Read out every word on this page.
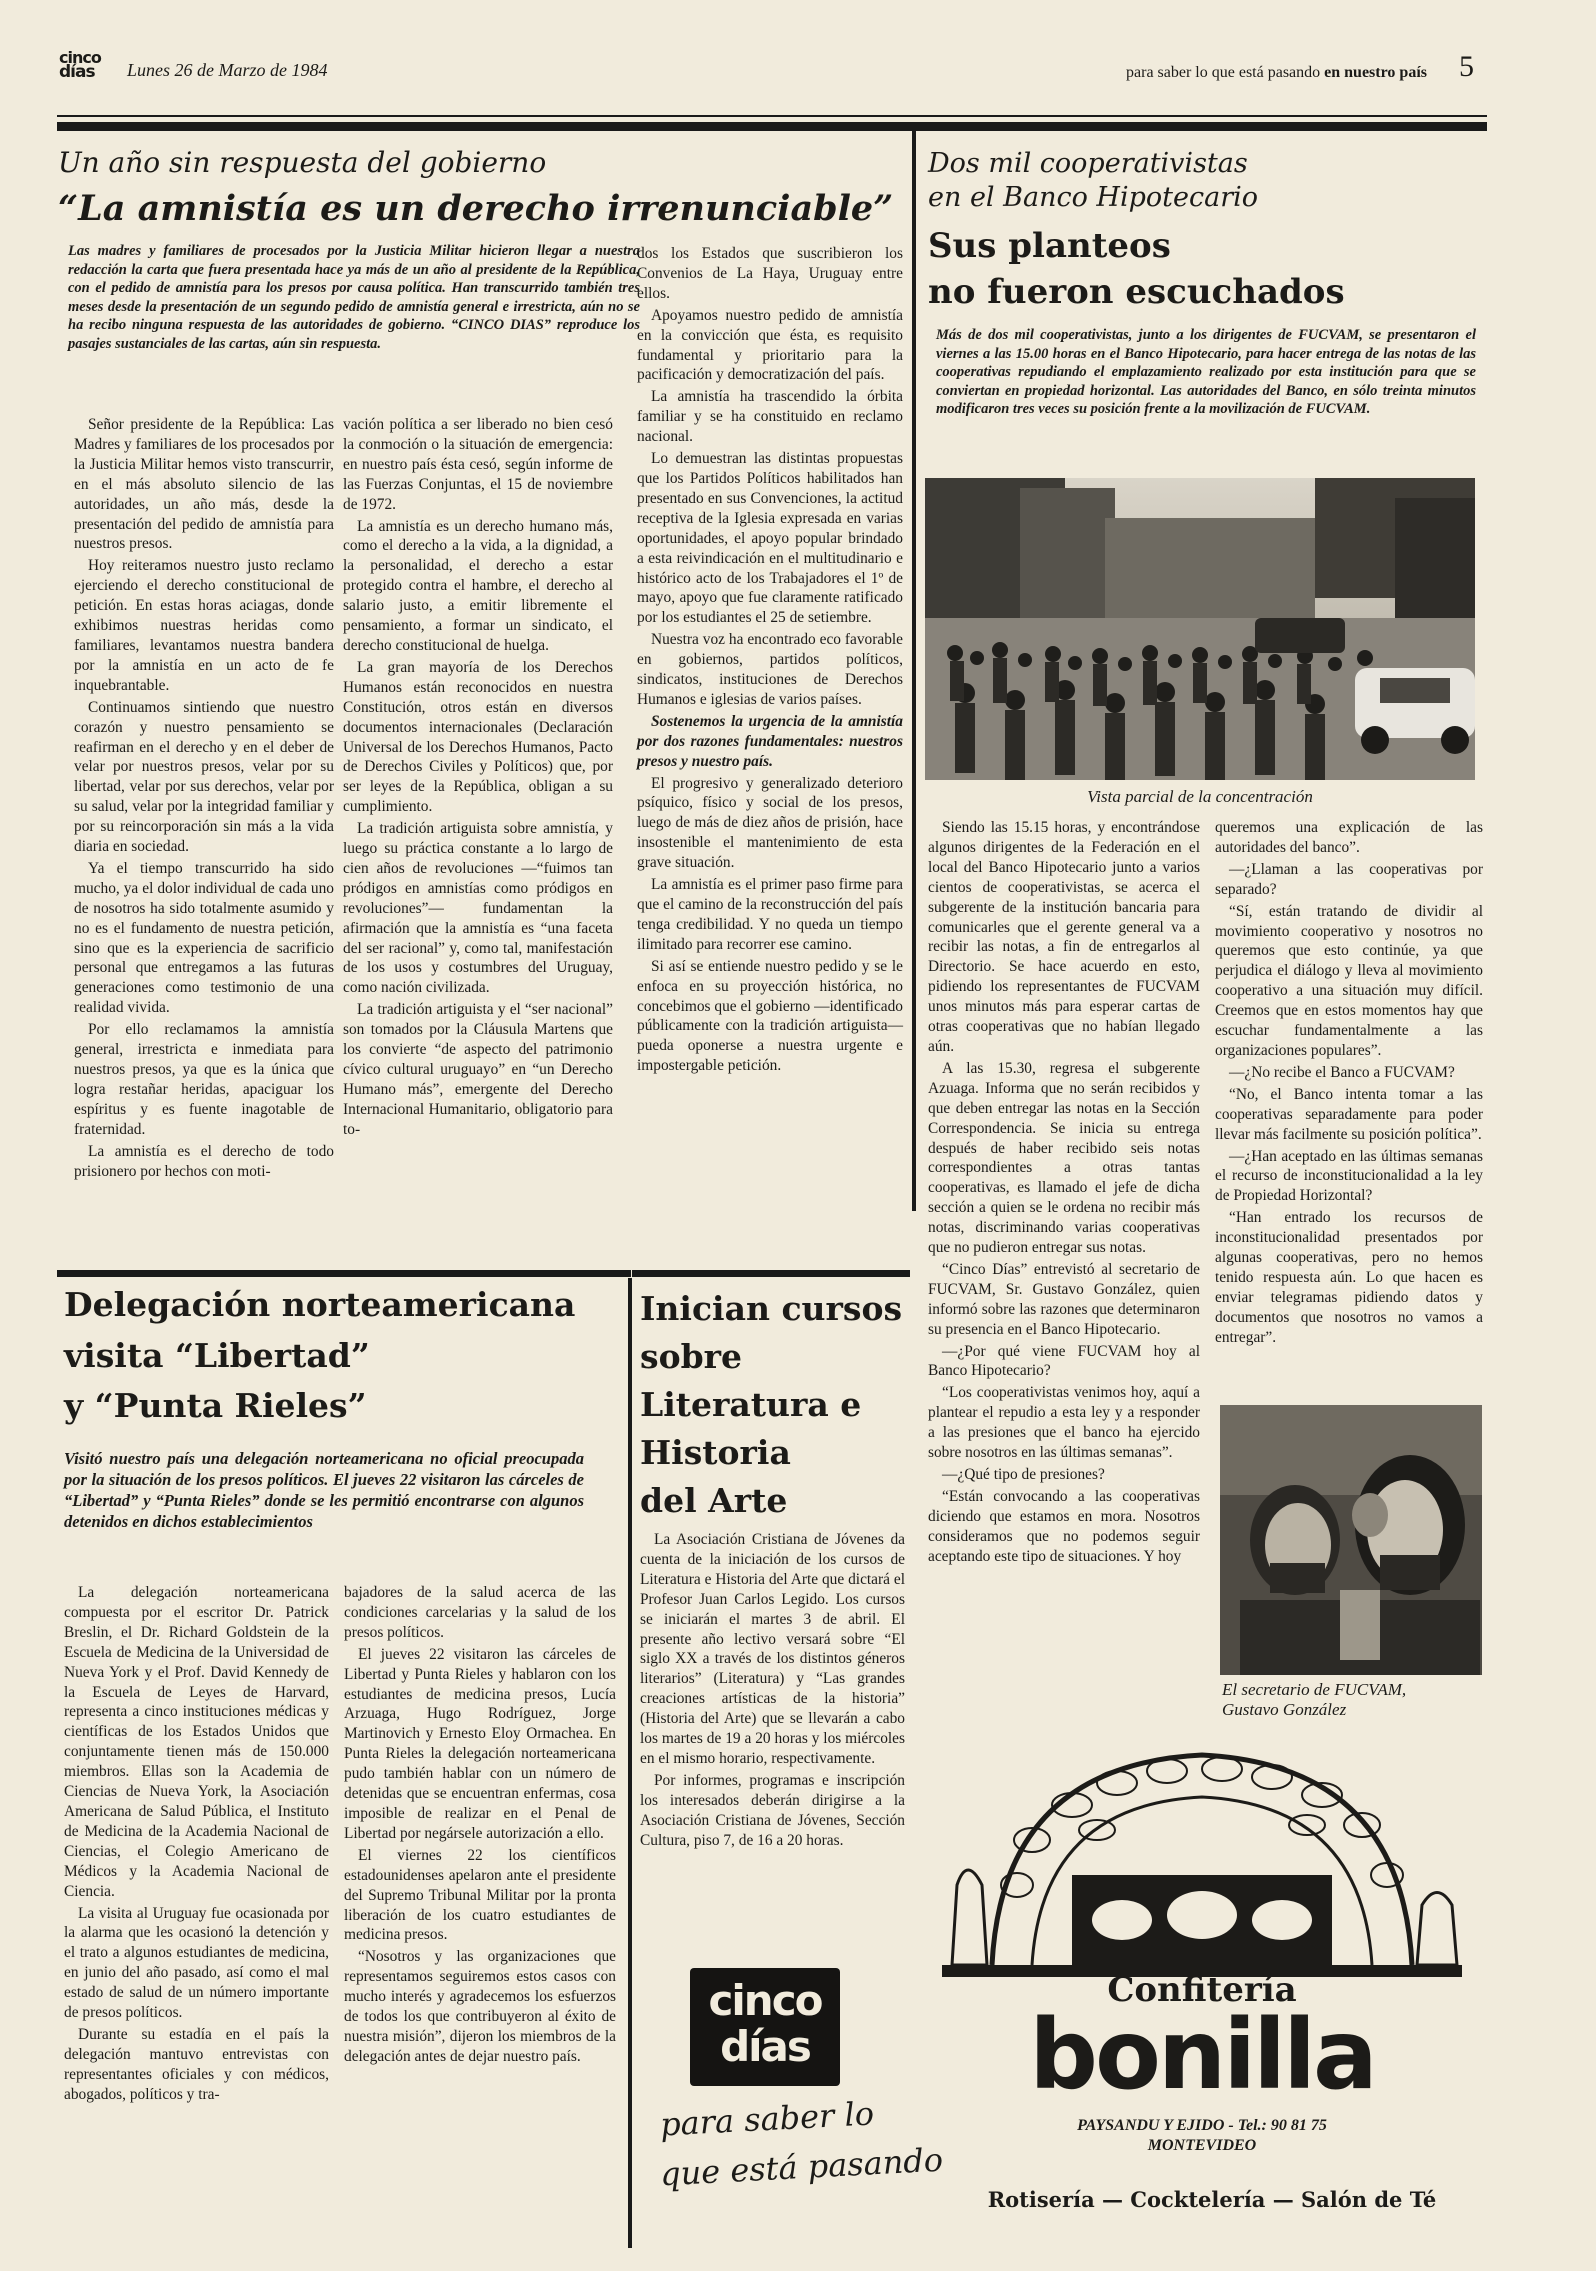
cinco
días	Lunes 26 de Marzo de 1984	para saber lo que está pasando en nuestro país 5
Un año sin respuesta del gobierno
“La amnistía es un derecho irrenunciable”
Las madres y familiares de procesados por la Justicia Militar hicieron llegar a nuestra redacción la carta que fuera presentada hace ya más de un año al presidente de la República, con el pedido de amnistía para los presos por causa política. Han transcurrido también tres meses desde la presentación de un segundo pedido de amnistía general e irrestricta, aún no se ha recibo ninguna respuesta de las autoridades de gobierno. “CINCO DIAS” reproduce los pasajes sustanciales de las cartas, aún sin respuesta.

Señor presidente de la República: Las Madres y familiares de los procesados por la Justicia Militar hemos visto transcurrir, en el más absoluto silencio de las autoridades, un año más, desde la presentación del pedido de amnistía para nuestros presos.

Hoy reiteramos nuestro justo reclamo ejerciendo el derecho constitucional de petición. En estas horas aciagas, donde exhibimos nuestras heridas como familiares, levantamos nuestra bandera por la amnistía en un acto de fe inquebrantable.

Continuamos sintiendo que nuestro corazón y nuestro pensamiento se reafirman en el derecho y en el deber de velar por nuestros presos, velar por su libertad, velar por sus derechos, velar por su salud, velar por la integridad familiar y por su reincorporación sin más a la vida diaria en sociedad.

Ya el tiempo transcurrido ha sido mucho, ya el dolor individual de cada uno de nosotros ha sido totalmente asumido y no es el fundamento de nuestra petición, sino que es la experiencia de sacrificio personal que entregamos a las futuras generaciones como testimonio de una realidad vivida.

Por ello reclamamos la amnistía general, irrestricta e inmediata para nuestros presos, ya que es la única que logra restañar heridas, apaciguar los espíritus y es fuente inagotable de fraternidad.

La amnistía es el derecho de todo prisionero por hechos con moti-

vación política a ser liberado no bien cesó la conmoción o la situación de emergencia: en nuestro país ésta cesó, según informe de las Fuerzas Conjuntas, el 15 de noviembre de 1972.

La amnistía es un derecho humano más, como el derecho a la vida, a la dignidad, a la personalidad, el derecho a estar protegido contra el hambre, el derecho al salario justo, a emitir libremente el pensamiento, a formar un sindicato, el derecho constitucional de huelga.

La gran mayoría de los Derechos Humanos están reconocidos en nuestra Constitución, otros están en diversos documentos internacionales (Declaración Universal de los Derechos Humanos, Pacto de Derechos Civiles y Políticos) que, por ser leyes de la República, obligan a su cumplimiento.

La tradición artiguista sobre amnistía, y luego su práctica constante a lo largo de cien años de revoluciones —“fuimos tan pródigos en amnistías como pródigos en revoluciones”— fundamentan la afirmación que la amnistía es “una faceta del ser racional” y, como tal, manifestación de los usos y costumbres del Uruguay, como nación civilizada.

La tradición artiguista y el “ser nacional” son tomados por la Cláusula Martens que los convierte “de aspecto del patrimonio cívico cultural uruguayo” en “un Derecho Humano más”, emergente del Derecho Internacional Humanitario, obligatorio para to-

dos los Estados que suscribieron los Convenios de La Haya, Uruguay entre ellos.

Apoyamos nuestro pedido de amnistía en la convicción que ésta, es requisito fundamental y prioritario para la pacificación y democratización del país.

La amnistía ha trascendido la órbita familiar y se ha constituido en reclamo nacional.

Lo demuestran las distintas propuestas que los Partidos Políticos habilitados han presentado en sus Convenciones, la actitud receptiva de la Iglesia expresada en varias oportunidades, el apoyo popular brindado a esta reivindicación en el multitudinario e histórico acto de los Trabajadores el 1º de mayo, apoyo que fue claramente ratificado por los estudiantes el 25 de setiembre.

Nuestra voz ha encontrado eco favorable en gobiernos, partidos políticos, sindicatos, instituciones de Derechos Humanos e iglesias de varios países.

Sostenemos la urgencia de la amnistía por dos razones fundamentales: nuestros presos y nuestro país.

El progresivo y generalizado deterioro psíquico, físico y social de los presos, luego de más de diez años de prisión, hace insostenible el mantenimiento de esta grave situación.

La amnistía es el primer paso firme para que el camino de la reconstrucción del país tenga credibilidad. Y no queda un tiempo ilimitado para recorrer ese camino.

Si así se entiende nuestro pedido y se le enfoca en su proyección histórica, no concebimos que el gobierno —identificado públicamente con la tradición artiguista— pueda oponerse a nuestra urgente e impostergable petición.

Dos mil cooperativistas
en el Banco Hipotecario
Sus planteos
no fueron escuchados
Más de dos mil cooperativistas, junto a los dirigentes de FUCVAM, se presentaron el viernes a las 15.00 horas en el Banco Hipotecario, para hacer entrega de las notas de las cooperativas repudiando el emplazamiento realizado por esta institución para que se conviertan en propiedad horizontal. Las autoridades del Banco, en sólo treinta minutos modificaron tres veces su posición frente a la movilización de FUCVAM.
Vista parcial de la concentración

Siendo las 15.15 horas, y encontrándose algunos dirigentes de la Federación en el local del Banco Hipotecario junto a varios cientos de cooperativistas, se acerca el subgerente de la institución bancaria para comunicarles que el gerente general va a recibir las notas, a fin de entregarlos al Directorio. Se hace acuerdo en esto, pidiendo los representantes de FUCVAM unos minutos más para esperar cartas de otras cooperativas que no habían llegado aún.

A las 15.30, regresa el subgerente Azuaga. Informa que no serán recibidos y que deben entregar las notas en la Sección Correspondencia. Se inicia su entrega después de haber recibido seis notas correspondientes a otras tantas cooperativas, es llamado el jefe de dicha sección a quien se le ordena no recibir más notas, discriminando varias cooperativas que no pudieron entregar sus notas.

“Cinco Días” entrevistó al secretario de FUCVAM, Sr. Gustavo González, quien informó sobre las razones que determinaron su presencia en el Banco Hipotecario.

—¿Por qué viene FUCVAM hoy al Banco Hipotecario?

“Los cooperativistas venimos hoy, aquí a plantear el repudio a esta ley y a responder a las presiones que el banco ha ejercido sobre nosotros en las últimas semanas”.

—¿Qué tipo de presiones?

“Están convocando a las cooperativas diciendo que estamos en mora. Nosotros consideramos que no podemos seguir aceptando este tipo de situaciones. Y hoy

queremos una explicación de las autoridades del banco”.

—¿Llaman a las cooperativas por separado?

“Sí, están tratando de dividir al movimiento cooperativo y nosotros no queremos que esto continúe, ya que perjudica el diálogo y lleva al movimiento cooperativo a una situación muy difícil. Creemos que en estos momentos hay que escuchar fundamentalmente a las organizaciones populares”.

—¿No recibe el Banco a FUCVAM?

“No, el Banco intenta tomar a las cooperativas separadamente para poder llevar más facilmente su posición política”.

—¿Han aceptado en las últimas semanas el recurso de inconstitucionalidad a la ley de Propiedad Horizontal?

“Han entrado los recursos de inconstitucionalidad presentados por algunas cooperativas, pero no hemos tenido respuesta aún. Lo que hacen es enviar telegramas pidiendo datos y documentos que nosotros no vamos a entregar”.

El secretario de FUCVAM,
Gustavo González
Delegación norteamericana
visita “Libertad”
y “Punta Rieles”
Visitó nuestro país una delegación norteamericana no oficial preocupada por la situación de los presos políticos. El jueves 22 visitaron las cárceles de “Libertad” y “Punta Rieles” donde se les permitió encontrarse con algunos detenidos en dichos establecimientos

La delegación norteamericana compuesta por el escritor Dr. Patrick Breslin, el Dr. Richard Goldstein de la Escuela de Medicina de la Universidad de Nueva York y el Prof. David Kennedy de la Escuela de Leyes de Harvard, representa a cinco instituciones médicas y científicas de los Estados Unidos que conjuntamente tienen más de 150.000 miembros. Ellas son la Academia de Ciencias de Nueva York, la Asociación Americana de Salud Pública, el Instituto de Medicina de la Academia Nacional de Ciencias, el Colegio Americano de Médicos y la Academia Nacional de Ciencia.

La visita al Uruguay fue ocasionada por la alarma que les ocasionó la detención y el trato a algunos estudiantes de medicina, en junio del año pasado, así como el mal estado de salud de un número importante de presos políticos.

Durante su estadía en el país la delegación mantuvo entrevistas con representantes oficiales y con médicos, abogados, políticos y tra-

bajadores de la salud acerca de las condiciones carcelarias y la salud de los presos políticos.

El jueves 22 visitaron las cárceles de Libertad y Punta Rieles y hablaron con los estudiantes de medicina presos, Lucía Arzuaga, Hugo Rodríguez, Jorge Martinovich y Ernesto Eloy Ormachea. En Punta Rieles la delegación norteamericana pudo también hablar con un número de detenidas que se encuentran enfermas, cosa imposible de realizar en el Penal de Libertad por negársele autorización a ello.

El viernes 22 los científicos estadounidenses apelaron ante el presidente del Supremo Tribunal Militar por la pronta liberación de los cuatro estudiantes de medicina presos.

“Nosotros y las organizaciones que representamos seguiremos estos casos con mucho interés y agradecemos los esfuerzos de todos los que contribuyeron al éxito de nuestra misión”, dijeron los miembros de la delegación antes de dejar nuestro país.

Inician cursos
sobre
Literatura e
Historia
del Arte

La Asociación Cristiana de Jóvenes da cuenta de la iniciación de los cursos de Literatura e Historia del Arte que dictará el Profesor Juan Carlos Legido. Los cursos se iniciarán el martes 3 de abril. El presente año lectivo versará sobre “El siglo XX a través de los distintos géneros literarios” (Literatura) y “Las grandes creaciones artísticas de la historia” (Historia del Arte) que se llevarán a cabo los martes de 19 a 20 horas y los miércoles en el mismo horario, respectivamente.

Por informes, programas e inscripción los interesados deberán dirigirse a la Asociación Cristiana de Jóvenes, Sección Cultura, piso 7, de 16 a 20 horas.

cinco
días
para saber lo
que está pasando
Confitería
bonilla
PAYSANDU Y EJIDO - Tel.: 90 81 75
MONTEVIDEO
Rotisería — Cocktelería — Salón de Té
